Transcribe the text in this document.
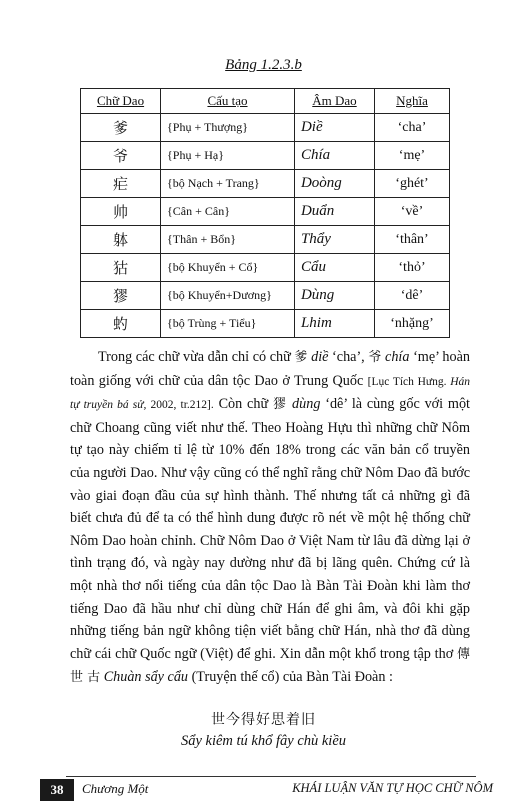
Bảng 1.2.3.b
Chữ Dao	Cấu tạo	Âm Dao	Nghĩa
爹	{Phụ + Thượng}	Diề	‘cha’
爷	{Phụ + Hạ}	Chía	‘mẹ’
疟	{bộ Nạch + Trang}	Doòng	‘ghét’
帅	{Cân + Cân}	Duẩn	‘về’
躰	{Thân + Bổn}	Thẩy	‘thân’
狜	{bộ Khuyển + Cổ}	Cẩu	‘thỏ’
㺒	{bộ Khuyển+Dương}	Dùng	‘dê’
虳	{bộ Trùng + Tiểu}	Lhim	‘nhặng’

Trong các chữ vừa dẫn chỉ có chữ 爹 diề ‘cha’, 爷 chía ‘mẹ’ hoàn toàn giống với chữ của dân tộc Dao ở Trung Quốc [Lục Tích Hưng. Hán tự truyền bá sử, 2002, tr.212]. Còn chữ 㺒 dùng ‘dê’ là cùng gốc với một chữ Choang cũng viết như thế. Theo Hoàng Hựu thì những chữ Nôm tự tạo này chiếm tỉ lệ từ 10% đến 18% trong các văn bản cổ truyền của người Dao. Như vậy cũng có thể nghĩ rằng chữ Nôm Dao đã bước vào giai đoạn đầu của sự hình thành. Thế nhưng tất cả những gì đã biết chưa đủ để ta có thể hình dung được rõ nét về một hệ thống chữ Nôm Dao hoàn chỉnh. Chữ Nôm Dao ở Việt Nam từ lâu đã dừng lại ở tình trạng đó, và ngày nay dường như đã bị lãng quên. Chứng cứ là một nhà thơ nổi tiếng của dân tộc Dao là Bàn Tài Đoàn khi làm thơ tiếng Dao đã hầu như chỉ dùng chữ Hán để ghi âm, và đôi khi gặp những tiếng bản ngữ không tiện viết bằng chữ Hán, nhà thơ đã dùng chữ cái chữ Quốc ngữ (Việt) để ghi. Xin dẫn một khổ trong tập thơ 傳 世 古 Chuàn sẩy cẩu (Truyện thế cổ) của Bàn Tài Đoàn :

世今得好思着旧
Sẩy kiêm tú khổ fây chù kiều
38	Chương Một	KHÁI LUẬN VĂN TỰ HỌC CHỮ NÔM
